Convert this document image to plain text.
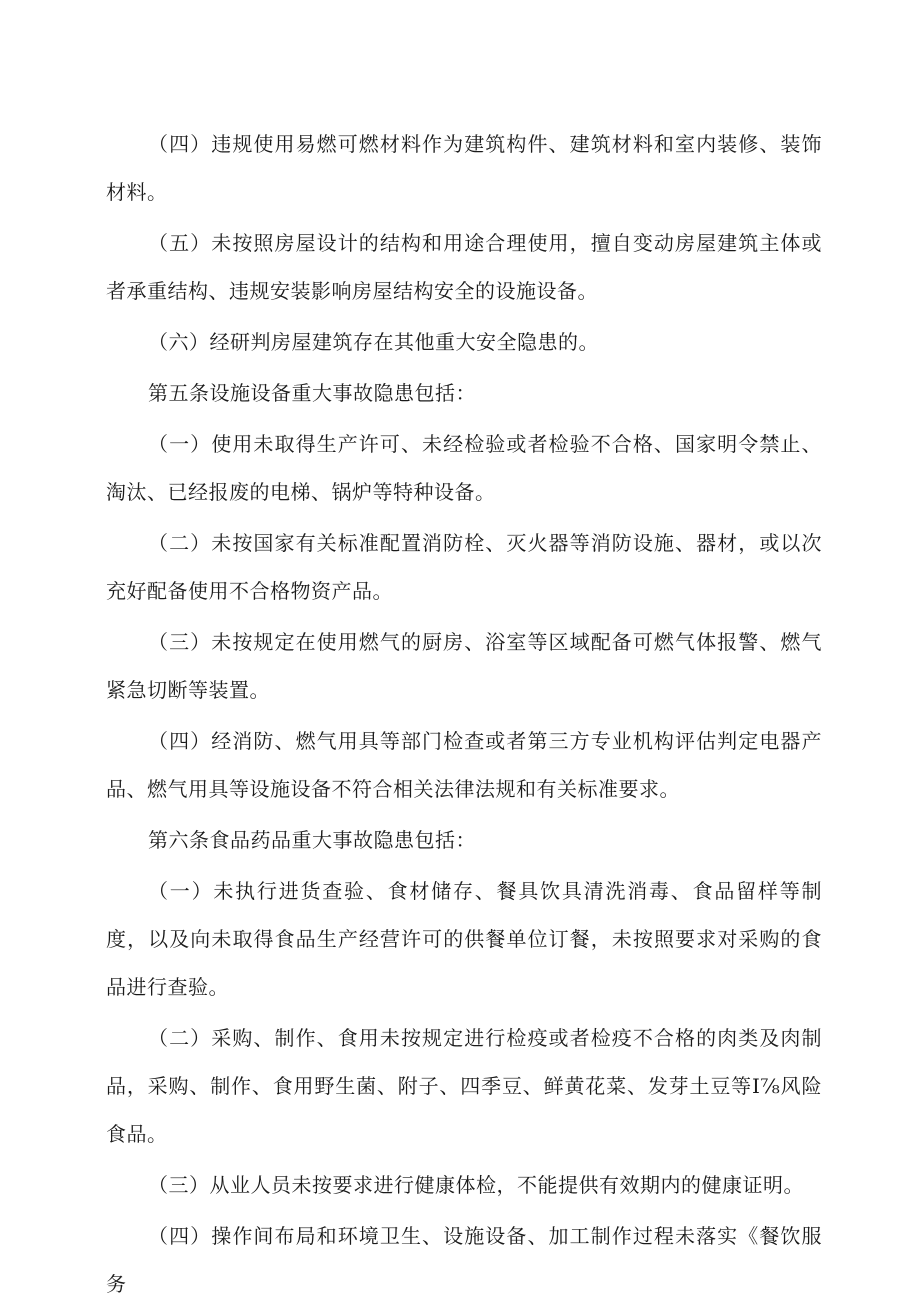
（四）违规使用易燃可燃材料作为建筑构件、建筑材料和室内装修、装饰材料。

（五）未按照房屋设计的结构和用途合理使用，擅自变动房屋建筑主体或者承重结构、违规安装影响房屋结构安全的设施设备。

（六）经研判房屋建筑存在其他重大安全隐患的。

第五条设施设备重大事故隐患包括：

（一）使用未取得生产许可、未经检验或者检验不合格、国家明令禁止、淘汰、已经报废的电梯、锅炉等特种设备。

（二）未按国家有关标准配置消防栓、灭火器等消防设施、器材，或以次充好配备使用不合格物资产品。

（三）未按规定在使用燃气的厨房、浴室等区域配备可燃气体报警、燃气紧急切断等装置。

（四）经消防、燃气用具等部门检查或者第三方专业机构评估判定电器产品、燃气用具等设施设备不符合相关法律法规和有关标准要求。

第六条食品药品重大事故隐患包括：

（一）未执行进货查验、食材储存、餐具饮具清洗消毒、食品留样等制度，以及向未取得食品生产经营许可的供餐单位订餐，未按照要求对采购的食品进行查验。

（二）采购、制作、食用未按规定进行检疫或者检疫不合格的肉类及肉制品，采购、制作、食用野生菌、附子、四季豆、鲜黄花菜、发芽土豆等I⅞风险食品。

（三）从业人员未按要求进行健康体检，不能提供有效期内的健康证明。

（四）操作间布局和环境卫生、设施设备、加工制作过程未落实《餐饮服务
